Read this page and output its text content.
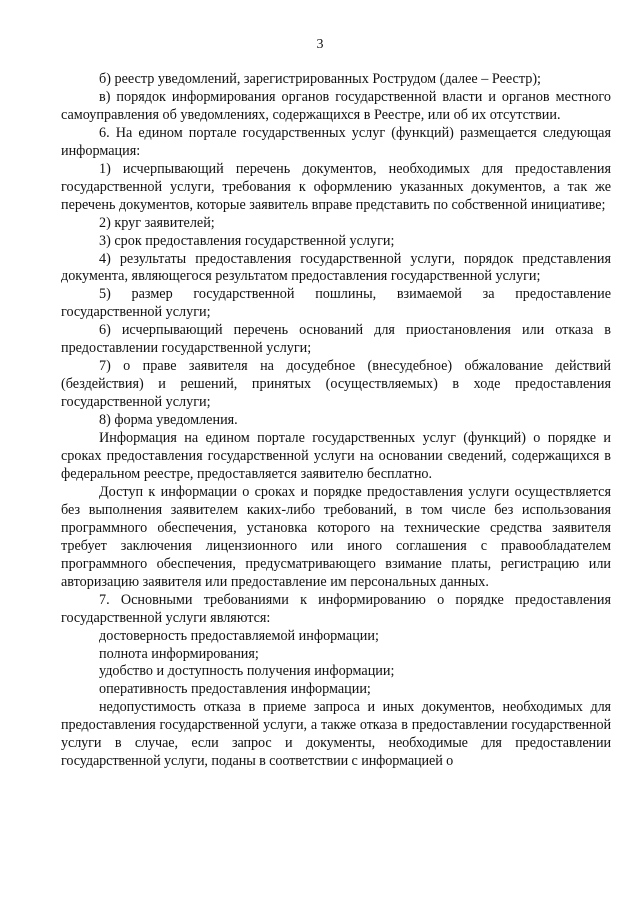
3

б) реестр уведомлений, зарегистрированных Рострудом (далее – Реестр);

в) порядок информирования органов государственной власти и органов местного самоуправления об уведомлениях, содержащихся в Реестре, или об их отсутствии.

6. На едином портале государственных услуг (функций) размещается следующая информация:

1) исчерпывающий перечень документов, необходимых для предоставления государственной услуги, требования к оформлению указанных документов, а так же перечень документов, которые заявитель вправе представить по собственной инициативе;

2) круг заявителей;

3) срок предоставления государственной услуги;

4) результаты предоставления государственной услуги, порядок представления документа, являющегося результатом предоставления государственной услуги;

5) размер государственной пошлины, взимаемой за предоставление государственной услуги;

6) исчерпывающий перечень оснований для приостановления или отказа в предоставлении государственной услуги;

7) о праве заявителя на досудебное (внесудебное) обжалование действий (бездействия) и решений, принятых (осуществляемых) в ходе предоставления государственной услуги;

8) форма уведомления.

Информация на едином портале государственных услуг (функций) о порядке и сроках предоставления государственной услуги на основании сведений, содержащихся в федеральном реестре, предоставляется заявителю бесплатно.

Доступ к информации о сроках и порядке предоставления услуги осуществляется без выполнения заявителем каких-либо требований, в том числе без использования программного обеспечения, установка которого на технические средства заявителя требует заключения лицензионного или иного соглашения с правообладателем программного обеспечения, предусматривающего взимание платы, регистрацию или авторизацию заявителя или предоставление им персональных данных.

7. Основными требованиями к информированию о порядке предоставления государственной услуги являются:

достоверность предоставляемой информации;

полнота информирования;

удобство и доступность получения информации;

оперативность предоставления информации;

недопустимость отказа в приеме запроса и иных документов, необходимых для предоставления государственной услуги, а также отказа в предоставлении государственной услуги в случае, если запрос и документы, необходимые для предоставлении государственной услуги, поданы в соответствии с информацией о
